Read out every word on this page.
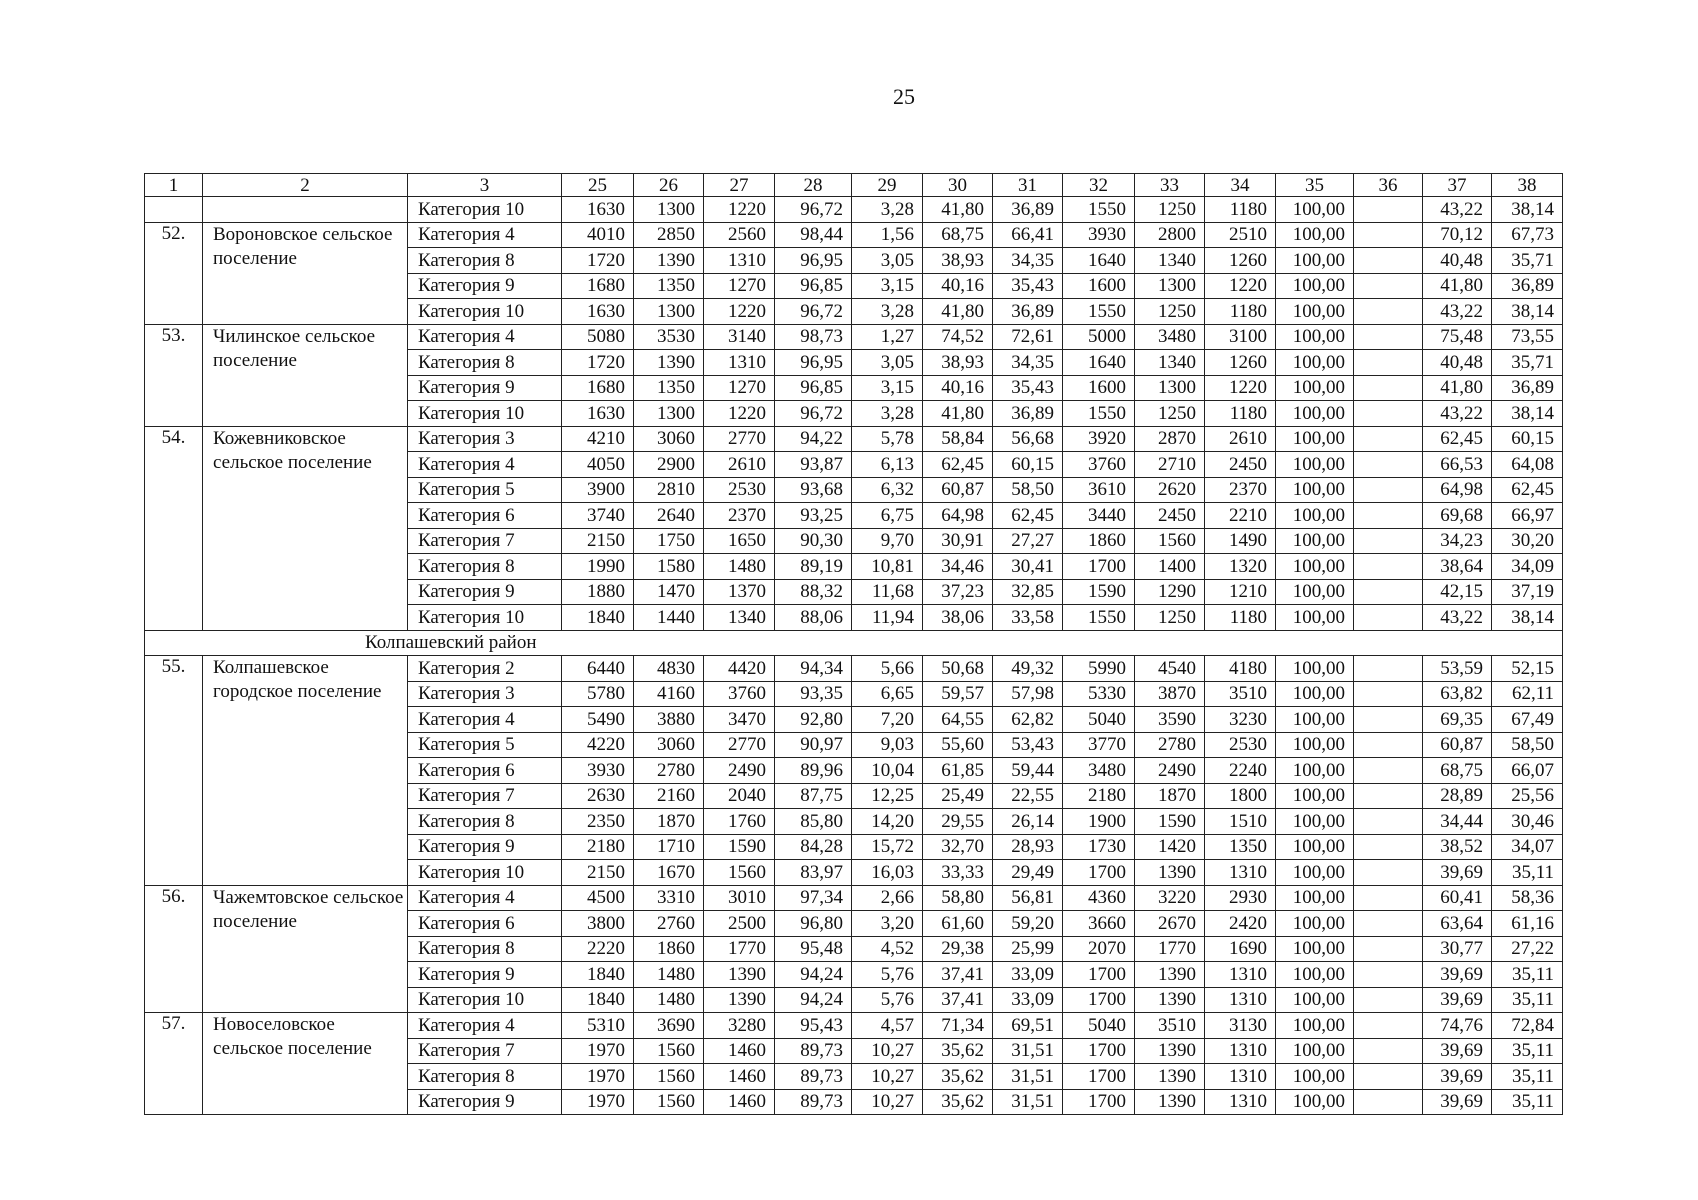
25
1	2	3	25	26	27	28	29	30	31	32	33	34	35	36	37	38
		Категория 10	1630	1300	1220	96,72	3,28	41,80	36,89	1550	1250	1180	100,00		43,22	38,14
52.	Вороновское сельское поселение	Категория 4	4010	2850	2560	98,44	1,56	68,75	66,41	3930	2800	2510	100,00		70,12	67,73
		Категория 8	1720	1390	1310	96,95	3,05	38,93	34,35	1640	1340	1260	100,00		40,48	35,71
		Категория 9	1680	1350	1270	96,85	3,15	40,16	35,43	1600	1300	1220	100,00		41,80	36,89
		Категория 10	1630	1300	1220	96,72	3,28	41,80	36,89	1550	1250	1180	100,00		43,22	38,14
53.	Чилинское сельское поселение	Категория 4	5080	3530	3140	98,73	1,27	74,52	72,61	5000	3480	3100	100,00		75,48	73,55
		Категория 8	1720	1390	1310	96,95	3,05	38,93	34,35	1640	1340	1260	100,00		40,48	35,71
		Категория 9	1680	1350	1270	96,85	3,15	40,16	35,43	1600	1300	1220	100,00		41,80	36,89
		Категория 10	1630	1300	1220	96,72	3,28	41,80	36,89	1550	1250	1180	100,00		43,22	38,14
54.	Кожевниковское сельское поселение	Категория 3	4210	3060	2770	94,22	5,78	58,84	56,68	3920	2870	2610	100,00		62,45	60,15
		Категория 4	4050	2900	2610	93,87	6,13	62,45	60,15	3760	2710	2450	100,00		66,53	64,08
		Категория 5	3900	2810	2530	93,68	6,32	60,87	58,50	3610	2620	2370	100,00		64,98	62,45
		Категория 6	3740	2640	2370	93,25	6,75	64,98	62,45	3440	2450	2210	100,00		69,68	66,97
		Категория 7	2150	1750	1650	90,30	9,70	30,91	27,27	1860	1560	1490	100,00		34,23	30,20
		Категория 8	1990	1580	1480	89,19	10,81	34,46	30,41	1700	1400	1320	100,00		38,64	34,09
		Категория 9	1880	1470	1370	88,32	11,68	37,23	32,85	1590	1290	1210	100,00		42,15	37,19
		Категория 10	1840	1440	1340	88,06	11,94	38,06	33,58	1550	1250	1180	100,00		43,22	38,14
Колпашевский район																
55.	Колпашевское городское поселение	Категория 2	6440	4830	4420	94,34	5,66	50,68	49,32	5990	4540	4180	100,00		53,59	52,15
		Категория 3	5780	4160	3760	93,35	6,65	59,57	57,98	5330	3870	3510	100,00		63,82	62,11
		Категория 4	5490	3880	3470	92,80	7,20	64,55	62,82	5040	3590	3230	100,00		69,35	67,49
		Категория 5	4220	3060	2770	90,97	9,03	55,60	53,43	3770	2780	2530	100,00		60,87	58,50
		Категория 6	3930	2780	2490	89,96	10,04	61,85	59,44	3480	2490	2240	100,00		68,75	66,07
		Категория 7	2630	2160	2040	87,75	12,25	25,49	22,55	2180	1870	1800	100,00		28,89	25,56
		Категория 8	2350	1870	1760	85,80	14,20	29,55	26,14	1900	1590	1510	100,00		34,44	30,46
		Категория 9	2180	1710	1590	84,28	15,72	32,70	28,93	1730	1420	1350	100,00		38,52	34,07
		Категория 10	2150	1670	1560	83,97	16,03	33,33	29,49	1700	1390	1310	100,00		39,69	35,11
56.	Чажемтовское сельское поселение	Категория 4	4500	3310	3010	97,34	2,66	58,80	56,81	4360	3220	2930	100,00		60,41	58,36
		Категория 6	3800	2760	2500	96,80	3,20	61,60	59,20	3660	2670	2420	100,00		63,64	61,16
		Категория 8	2220	1860	1770	95,48	4,52	29,38	25,99	2070	1770	1690	100,00		30,77	27,22
		Категория 9	1840	1480	1390	94,24	5,76	37,41	33,09	1700	1390	1310	100,00		39,69	35,11
		Категория 10	1840	1480	1390	94,24	5,76	37,41	33,09	1700	1390	1310	100,00		39,69	35,11
57.	Новоселовское сельское поселение	Категория 4	5310	3690	3280	95,43	4,57	71,34	69,51	5040	3510	3130	100,00		74,76	72,84
		Категория 7	1970	1560	1460	89,73	10,27	35,62	31,51	1700	1390	1310	100,00		39,69	35,11
		Категория 8	1970	1560	1460	89,73	10,27	35,62	31,51	1700	1390	1310	100,00		39,69	35,11
		Категория 9	1970	1560	1460	89,73	10,27	35,62	31,51	1700	1390	1310	100,00		39,69	35,11
